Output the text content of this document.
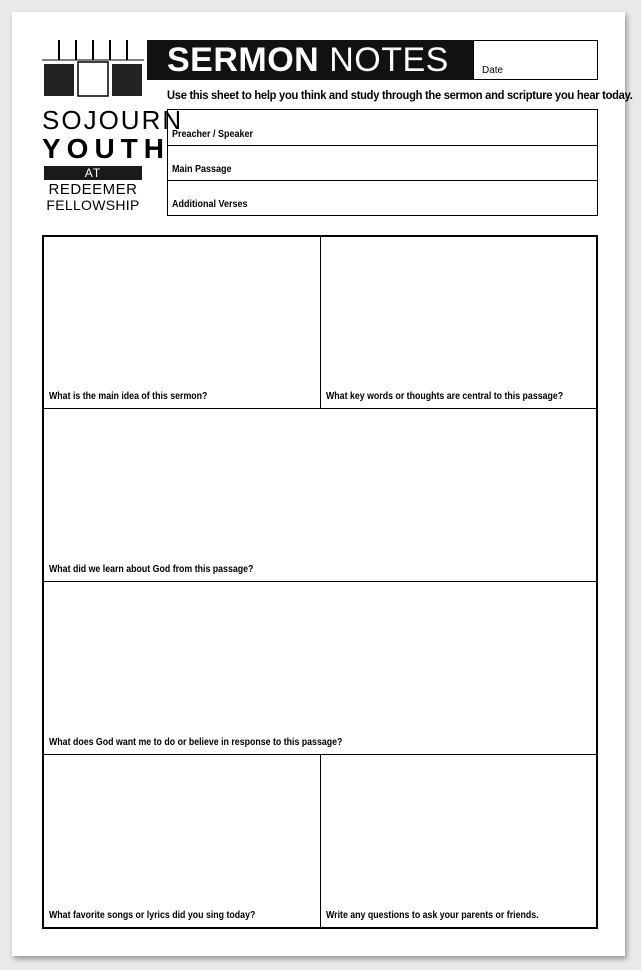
SOJOURN
YOUTH
AT
REDEEMER
FELLOWSHIP
SERMON NOTES	Date
Use this sheet to help you think and study through the sermon and scripture you hear today.
Preacher / Speaker
Main Passage
Additional Verses
What is the main idea of this sermon?	What key words or thoughts are central to this passage?
What did we learn about God from this passage?
What does God want me to do or believe in response to this passage?
What favorite songs or lyrics did you sing today?	Write any questions to ask your parents or friends.
